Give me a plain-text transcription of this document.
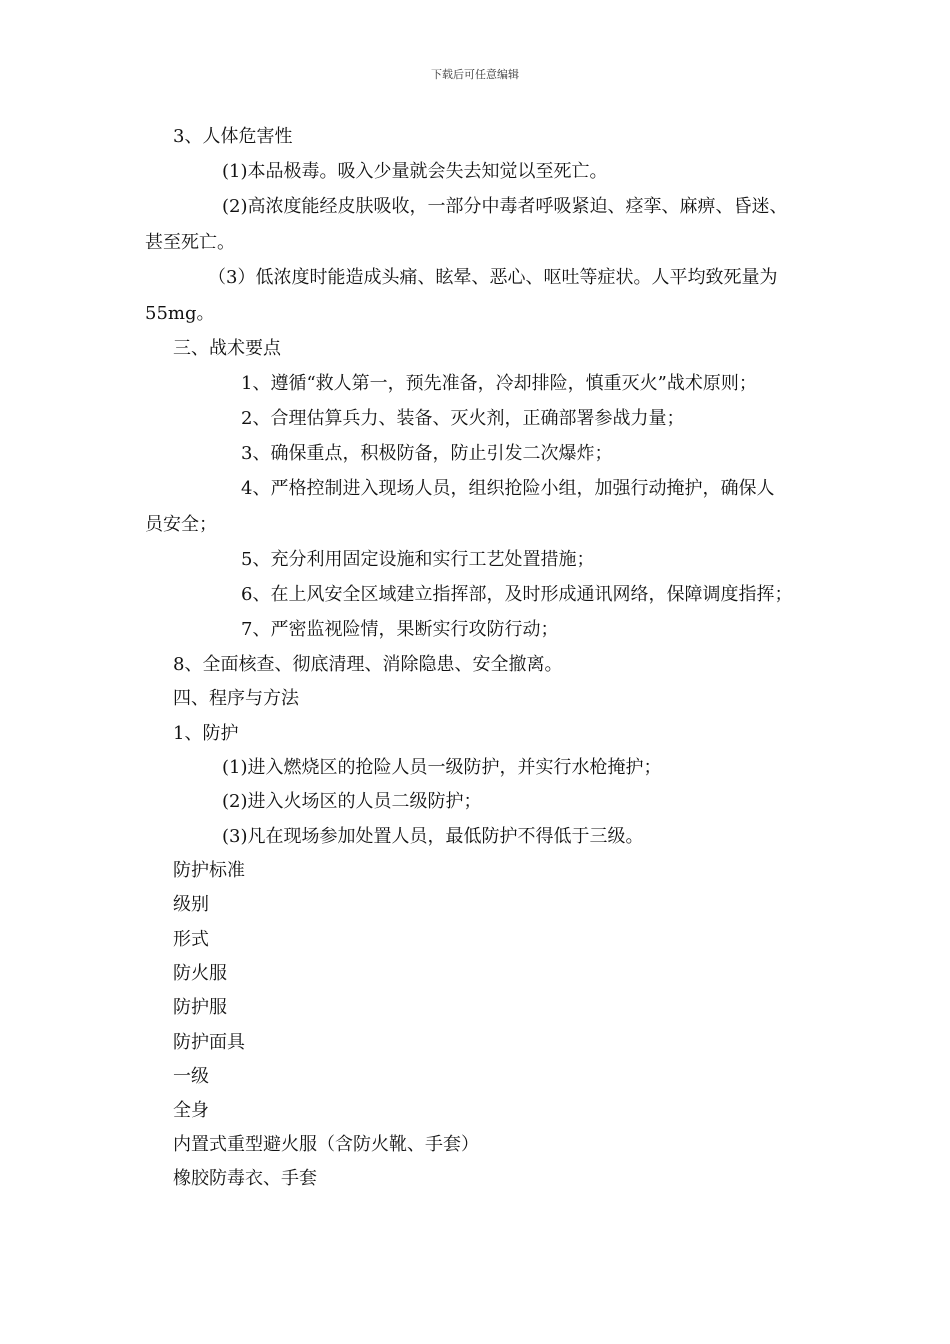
下载后可任意编辑
3、人体危害性
(1)本品极毒。吸入少量就会失去知觉以至死亡。
(2)高浓度能经皮肤吸收，一部分中毒者呼吸紧迫、痉挛、麻痹、昏迷、
甚至死亡。
（3）低浓度时能造成头痛、眩晕、恶心、呕吐等症状。人平均致死量为
55mg。
三、战术要点
1、遵循“救人第一，预先准备，冷却排险，慎重灭火”战术原则；
2、合理估算兵力、装备、灭火剂，正确部署参战力量；
3、确保重点，积极防备，防止引发二次爆炸；
4、严格控制进入现场人员，组织抢险小组，加强行动掩护，确保人
员安全；
5、充分利用固定设施和实行工艺处置措施；
6、在上风安全区域建立指挥部，及时形成通讯网络，保障调度指挥；
7、严密监视险情，果断实行攻防行动；
8、全面核查、彻底清理、消除隐患、安全撤离。
四、程序与方法
1、防护
(1)进入燃烧区的抢险人员一级防护，并实行水枪掩护；
(2)进入火场区的人员二级防护；
(3)凡在现场参加处置人员，最低防护不得低于三级。
防护标准
级别
形式
防火服
防护服
防护面具
一级
全身
内置式重型避火服（含防火靴、手套）
橡胶防毒衣、手套
